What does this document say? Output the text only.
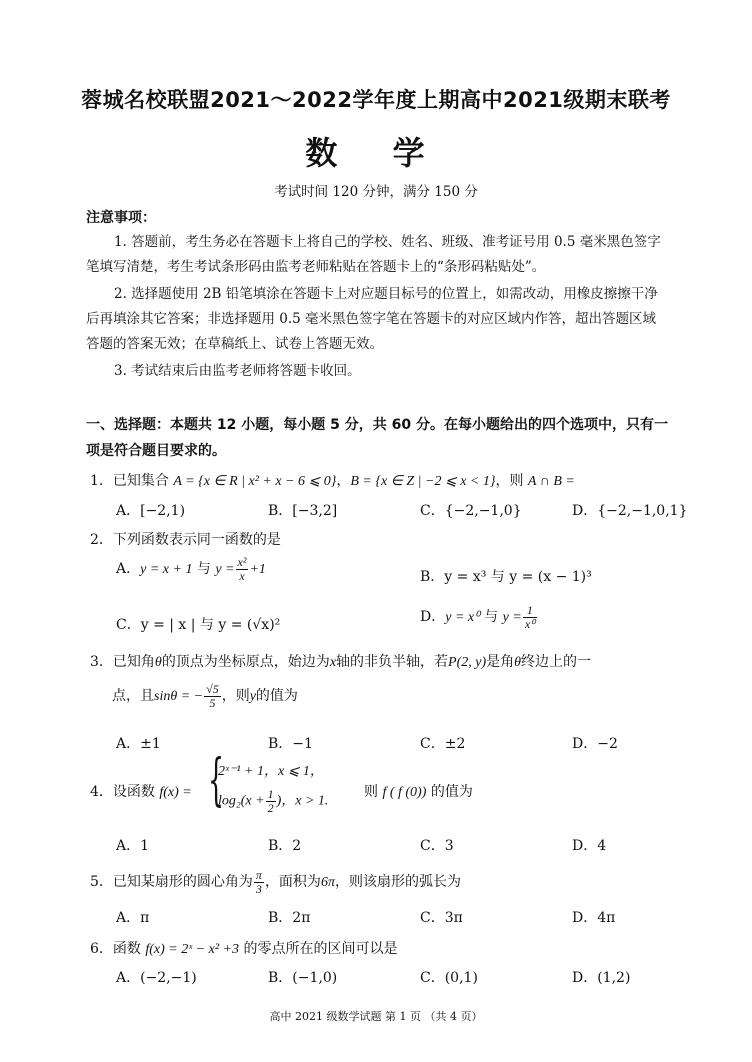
蓉城名校联盟2021～2022学年度上期高中2021级期末联考
数 学
考试时间 120 分钟，满分 150 分
注意事项：
1. 答题前，考生务必在答题卡上将自己的学校、姓名、班级、准考证号用 0.5 毫米黑色签字笔填写清楚，考生考试条形码由监考老师粘贴在答题卡上的“条形码粘贴处”。
2. 选择题使用 2B 铅笔填涂在答题卡上对应题目标号的位置上，如需改动，用橡皮擦擦干净后再填涂其它答案；非选择题用 0.5 毫米黑色签字笔在答题卡的对应区域内作答，超出答题区域答题的答案无效；在草稿纸上、试卷上答题无效。
3. 考试结束后由监考老师将答题卡收回。
一、选择题：本题共 12 小题，每小题 5 分，共 60 分。在每小题给出的四个选项中，只有一项是符合题目要求的。
1．已知集合 A = {x ∈ R | x² + x − 6 ⩽ 0}，B = {x ∈ Z | −2 ⩽ x < 1}，则 A ∩ B =
A．[−2,1)	B．[−3,2]	C．{−2,−1,0}	D．{−2,−1,0,1}
2．下列函数表示同一函数的是
A．y = x + 1 与 $y = \frac{\text{x²}}{x} +1$	B．y = x³ 与 y = (x − 1)³
C．y = | x | 与 y = (√x)²	D．y = x⁰ 与 $y = \frac{1}{\text{x⁰}}$
3．已知角θ的顶点为坐标原点，始边为x轴的非负半轴，若P(2, y)是角θ终边上的一
点，且sinθ = − $\frac{√5}{5}$ ，则y的值为
A．±1	B．−1	C．±2	D．−2
4．设函数 f(x) = {
2ˣ⁻¹ + 1，x ⩽ 1，
$\log_2(x + \frac{1}{2}$ )，x > 1.
则 f ( f (0)) 的值为
A．1	B．2	C．3	D．4
5．已知某扇形的圆心角为 $\frac{\pi}{3}$ ，面积为6π，则该扇形的弧长为
A．π	B．2π	C．3π	D．4π
6．函数 f(x) = 2ˣ − x² +3 的零点所在的区间可以是
A．(−2,−1)	B．(−1,0)	C．(0,1)	D．(1,2)
高中 2021 级数学试题 第 1 页 （共 4 页）
